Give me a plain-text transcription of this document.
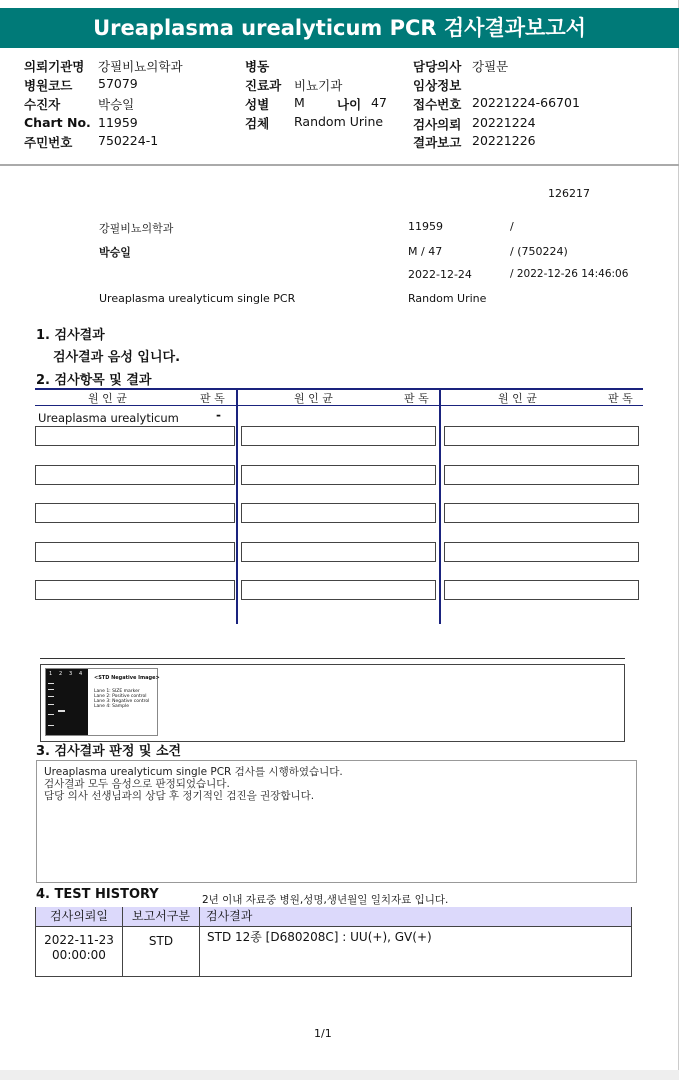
Ureaplasma urealyticum PCR 검사결과보고서
의뢰기관명 강필비뇨의학과
병원코드 57079
수진자	박승일
Chart No. 11959
주민번호 750224-1
병동
진료과 비뇨기과
성별 M	나이 47
검체 Random Urine
담당의사 강필문
임상정보
접수번호 20221224-66701
검사의뢰 20221224
결과보고 20221226
126217
강필비뇨의학과	11959	/
박승일	M / 47	/ (750224)
2022-12-24	/ 2022-12-26 14:46:06
Ureaplasma urealyticum single PCR	Random Urine
1. 검사결과
검사결과 음성 입니다.
2. 검사항목 및 결과
원 인 균	판 독	원 인 균	판 독	원 인 균	판 독
Ureaplasma urealyticum	-
1 2 3 4
<STD Negative Image>
Lane 1: SIZE marker
Lane 2: Positive control
Lane 3: Negative control
Lane 4: Sample
3. 검사결과 판정 및 소견
Ureaplasma urealyticum single PCR 검사를 시행하였습니다.
검사결과 모두 음성으로 판정되었습니다.
담당 의사 선생님과의 상담 후 정기적인 검진을 권장합니다.
4. TEST HISTORY	2년 이내 자료중 병원,성명,생년월일 일치자료 입니다.
검사의뢰일	보고서구분	검사결과
2022-11-23
00:00:00
STD	STD 12종 [D680208C] : UU(+), GV(+)
1/1
